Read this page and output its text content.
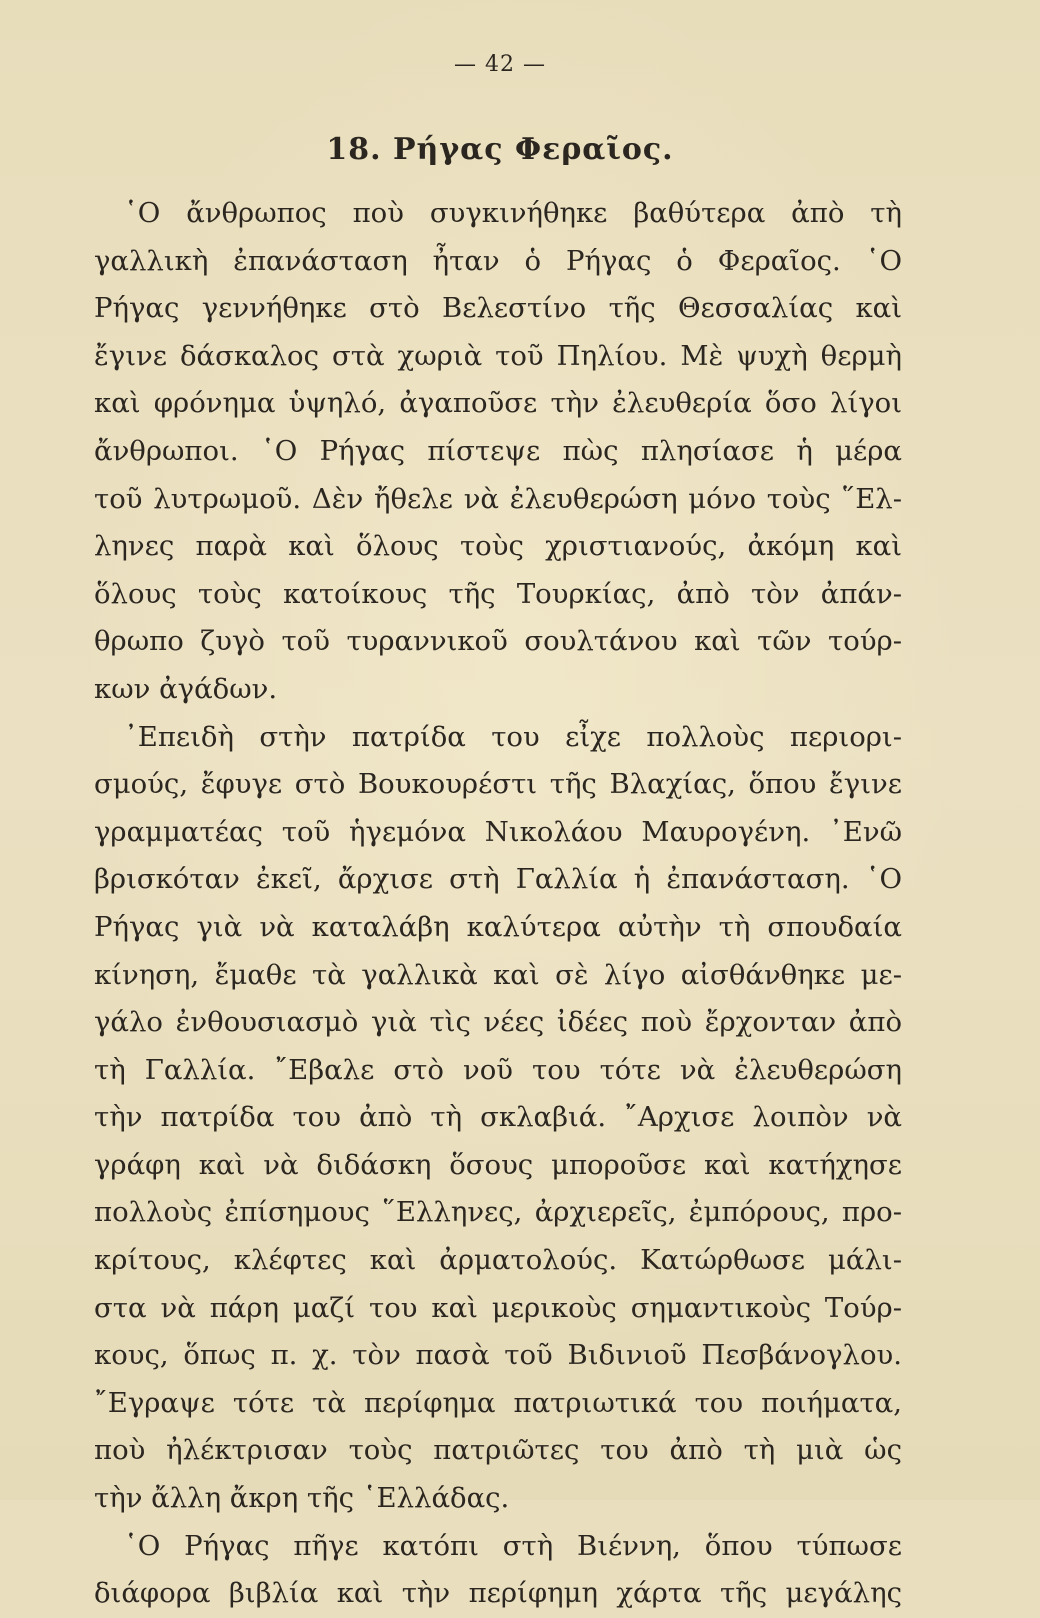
— 42 —
18. Ρήγας Φεραῖος.
῾Ο ἄνθρωπος ποὺ συγκινήθηκε βαθύτερα ἀπὸ τὴ
γαλλικὴ ἐπανάσταση ἦταν ὁ Ρήγας ὁ Φεραῖος. ῾Ο
Ρήγας γεννήθηκε στὸ Βελεστίνο τῆς Θεσσαλίας καὶ
ἔγινε δάσκαλος στὰ χωριὰ τοῦ Πηλίου. Μὲ ψυχὴ θερμὴ
καὶ φρόνημα ὑψηλό, ἀγαποῦσε τὴν ἐλευθερία ὅσο λίγοι
ἄνθρωποι. ῾Ο Ρήγας πίστεψε πὼς πλησίασε ἡ μέρα
τοῦ λυτρωμοῦ. Δὲν ἤθελε νὰ ἐλευθερώση μόνο τοὺς ῞Ελ-
ληνες παρὰ καὶ ὅλους τοὺς χριστιανούς, ἀκόμη καὶ
ὅλους τοὺς κατοίκους τῆς Τουρκίας, ἀπὸ τὸν ἀπάν-
θρωπο ζυγὸ τοῦ τυραννικοῦ σουλτάνου καὶ τῶν τούρ-
κων ἀγάδων.
᾿Επειδὴ στὴν πατρίδα του εἶχε πολλοὺς περιορι-
σμούς, ἔφυγε στὸ Βουκουρέστι τῆς Βλαχίας, ὅπου ἔγινε
γραμματέας τοῦ ἡγεμόνα Νικολάου Μαυρογένη. ᾿Ενῶ
βρισκόταν ἐκεῖ, ἄρχισε στὴ Γαλλία ἡ ἐπανάσταση. ῾Ο
Ρήγας γιὰ νὰ καταλάβη καλύτερα αὐτὴν τὴ σπουδαία
κίνηση, ἔμαθε τὰ γαλλικὰ καὶ σὲ λίγο αἰσθάνθηκε με-
γάλο ἐνθουσιασμὸ γιὰ τὶς νέες ἰδέες ποὺ ἔρχονταν ἀπὸ
τὴ Γαλλία. ῎Εβαλε στὸ νοῦ του τότε νὰ ἐλευθερώση
τὴν πατρίδα του ἀπὸ τὴ σκλαβιά. ῎Αρχισε λοιπὸν νὰ
γράφη καὶ νὰ διδάσκη ὅσους μποροῦσε καὶ κατήχησε
πολλοὺς ἐπίσημους ῞Ελληνες, ἀρχιερεῖς, ἐμπόρους, προ-
κρίτους, κλέφτες καὶ ἀρματολούς. Κατώρθωσε μάλι-
στα νὰ πάρη μαζί του καὶ μερικοὺς σημαντικοὺς Τούρ-
κους, ὅπως π. χ. τὸν πασὰ τοῦ Βιδινιοῦ Πεσβάνογλου.
῎Εγραψε τότε τὰ περίφημα πατριωτικά του ποιήματα,
ποὺ ἠλέκτρισαν τοὺς πατριῶτες του ἀπὸ τὴ μιὰ ὡς
τὴν ἄλλη ἄκρη τῆς ῾Ελλάδας.
῾Ο Ρήγας πῆγε κατόπι στὴ Βιέννη, ὅπου τύπωσε
διάφορα βιβλία καὶ τὴν περίφημη χάρτα τῆς μεγάλης
